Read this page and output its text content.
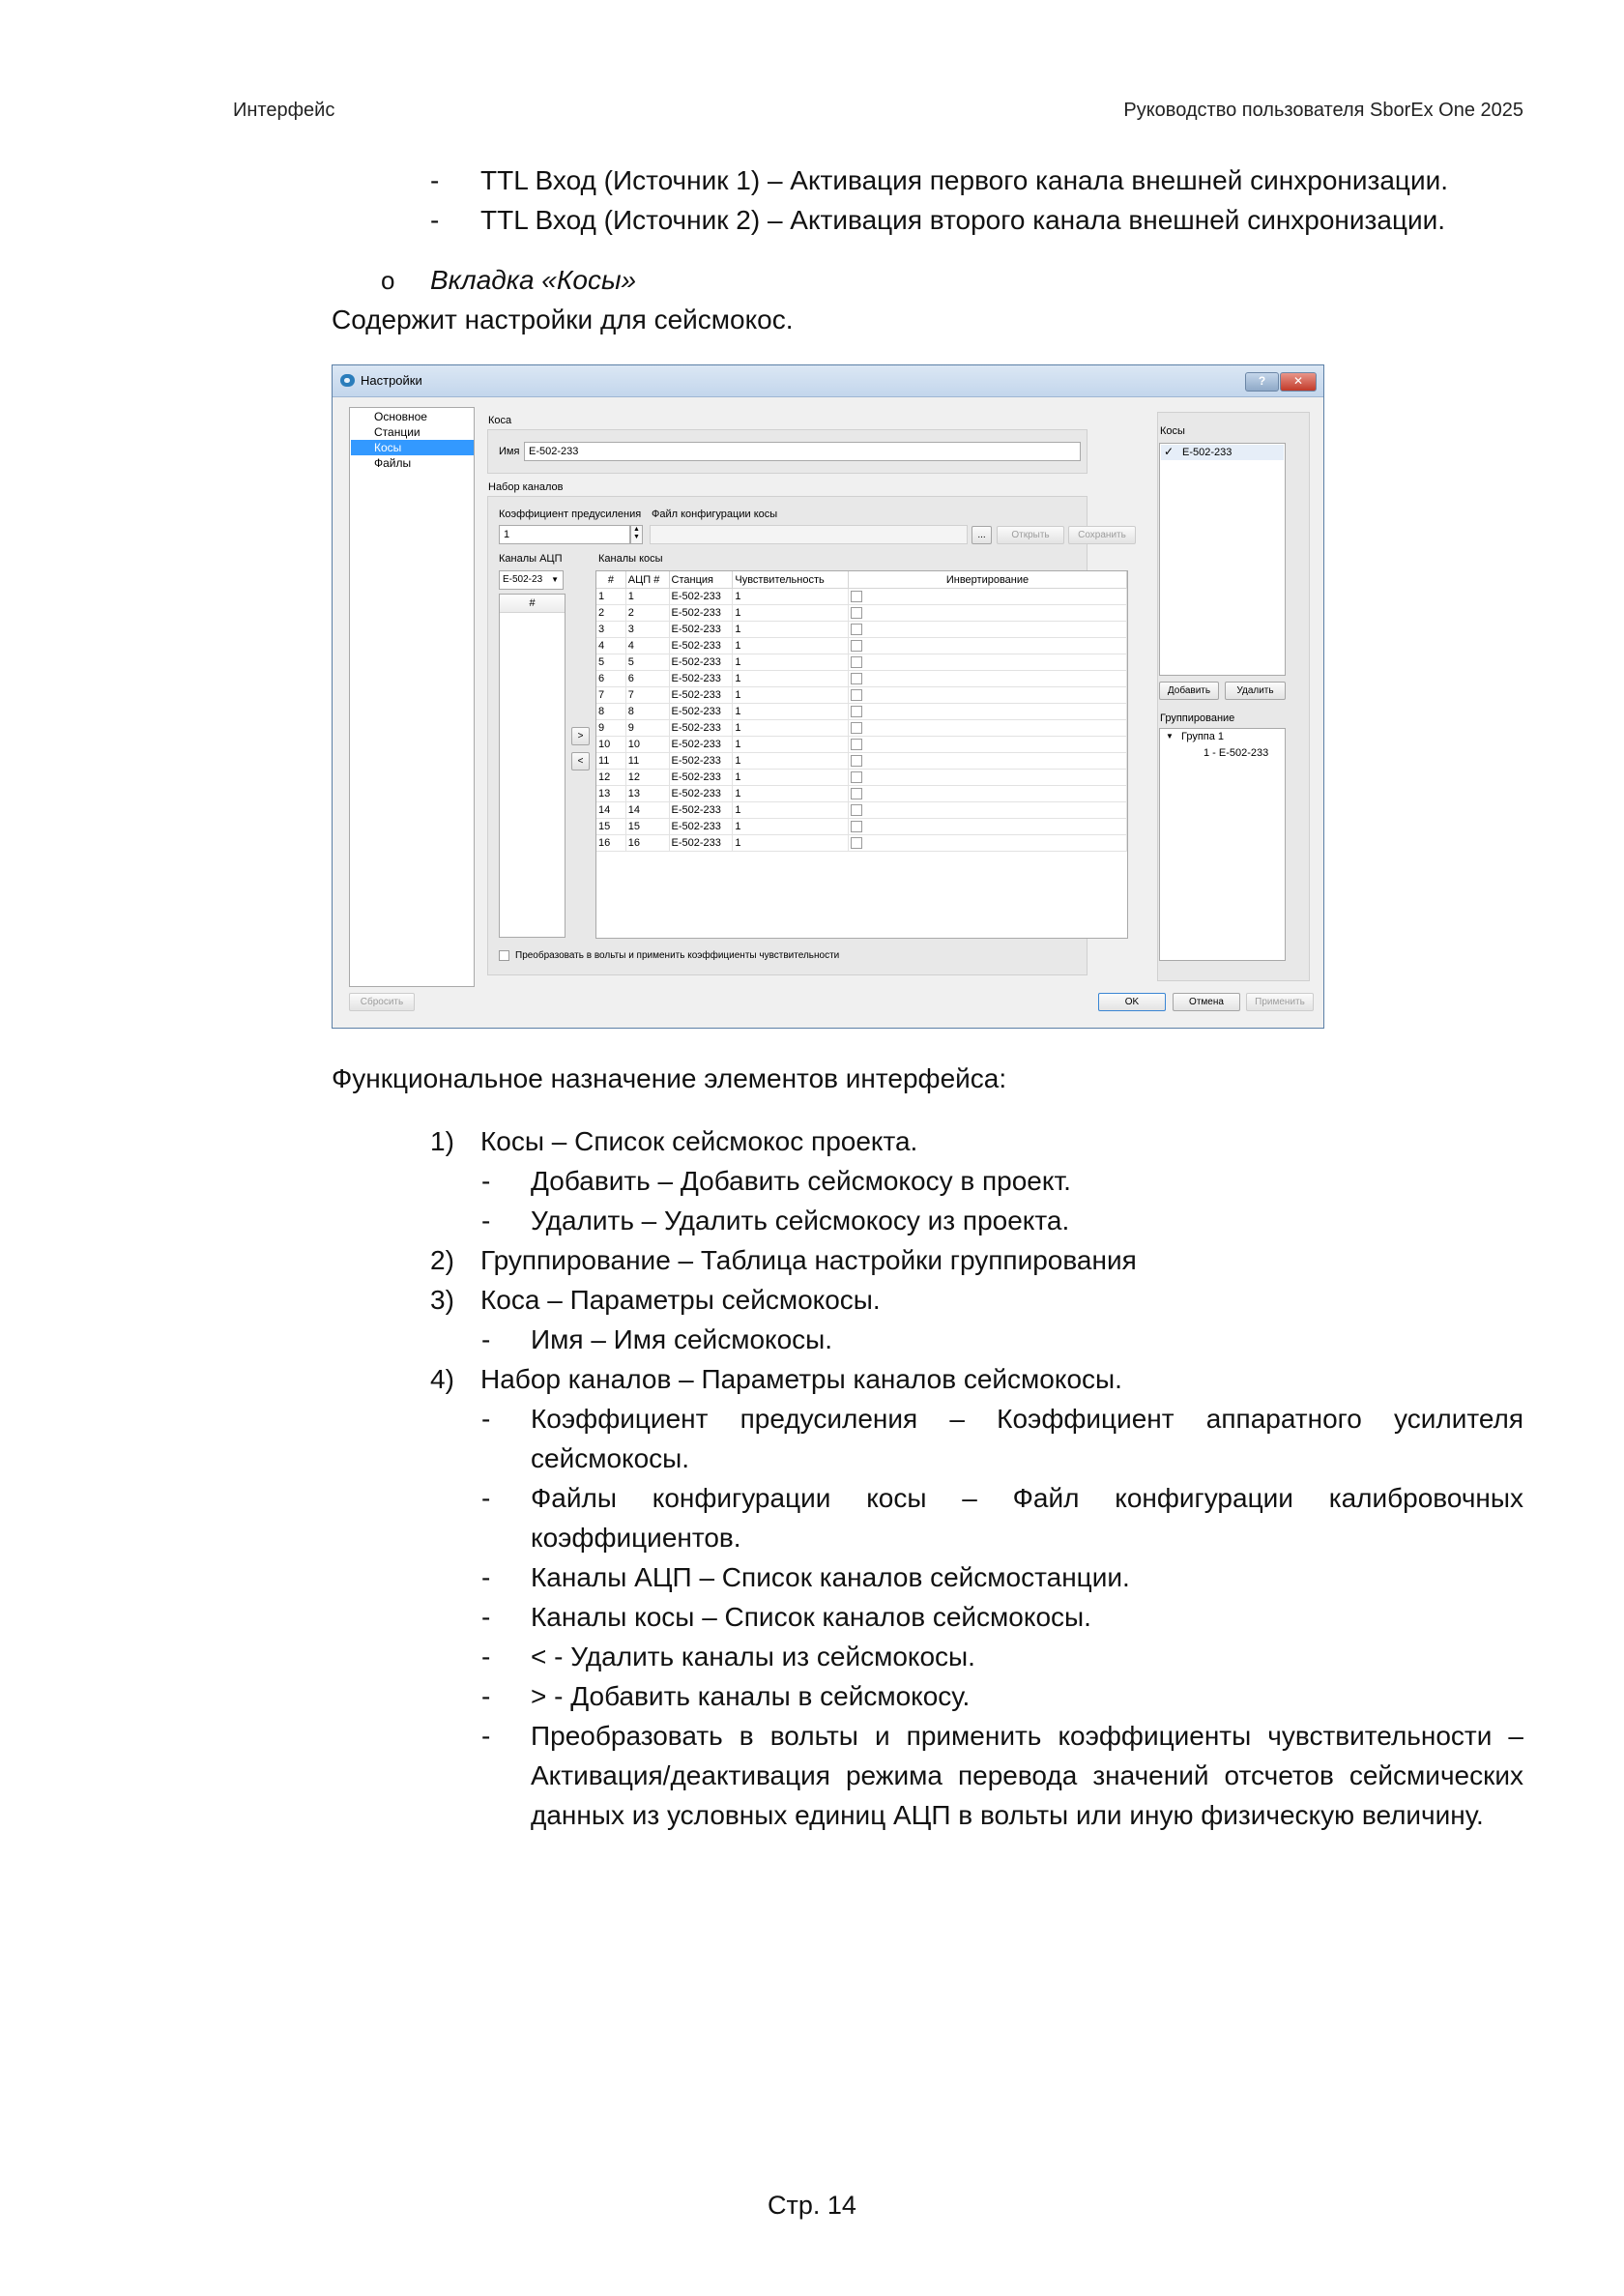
Интерфейс	Руководство пользователя SborEx One 2025
- TTL Вход (Источник 1) – Активация первого канала внешней синхронизации.
- TTL Вход (Источник 2) – Активация второго канала внешней синхронизации.
o Вкладка «Косы»
Содержит настройки для сейсмокос.
Настройки	?	✕
Основное
Станции
Косы
Файлы
Коса
Имя E-502-233
Набор каналов
Коэффициент предусиления Файл конфигурации косы
1	▲
▼	...	Открыть	Сохранить
Каналы АЦП	Каналы косы
E-502-23 ▼
#
>
<
#	АЦП #	Станция	Чувствительность	Инвертирование
1	1	E-502-233	1	
2	2	E-502-233	1	
3	3	E-502-233	1	
4	4	E-502-233	1	
5	5	E-502-233	1	
6	6	E-502-233	1	
7	7	E-502-233	1	
8	8	E-502-233	1	
9	9	E-502-233	1	
10	10	E-502-233	1	
11	11	E-502-233	1	
12	12	E-502-233	1	
13	13	E-502-233	1	
14	14	E-502-233	1	
15	15	E-502-233	1	
16	16	E-502-233	1	
Преобразовать в вольты и применить коэффициенты чувствительности
Косы
✓ E-502-233
Добавить	Удалить
Группирование
▼ Группа 1
1 - E-502-233
Сбросить	OK	Отмена	Применить
Функциональное назначение элементов интерфейса:
1) Косы – Список сейсмокос проекта.
- Добавить – Добавить сейсмокосу в проект.
- Удалить – Удалить сейсмокосу из проекта.
2) Группирование – Таблица настройки группирования
3) Коса – Параметры сейсмокосы.
- Имя – Имя сейсмокосы.
4) Набор каналов – Параметры каналов сейсмокосы.
- Коэффициент предусиления – Коэффициент аппаратного усилителя
сейсмокосы.
- Файлы конфигурации косы – Файл конфигурации калибровочных
коэффициентов.
- Каналы АЦП – Список каналов сейсмостанции.
- Каналы косы – Список каналов сейсмокосы.
- < - Удалить каналы из сейсмокосы.
- > - Добавить каналы в сейсмокосу.
- Преобразовать в вольты и применить коэффициенты чувствительности –
Активация/деактивация режима перевода значений отсчетов сейсмических
данных из условных единиц АЦП в вольты или иную физическую величину.
Стр. 14
